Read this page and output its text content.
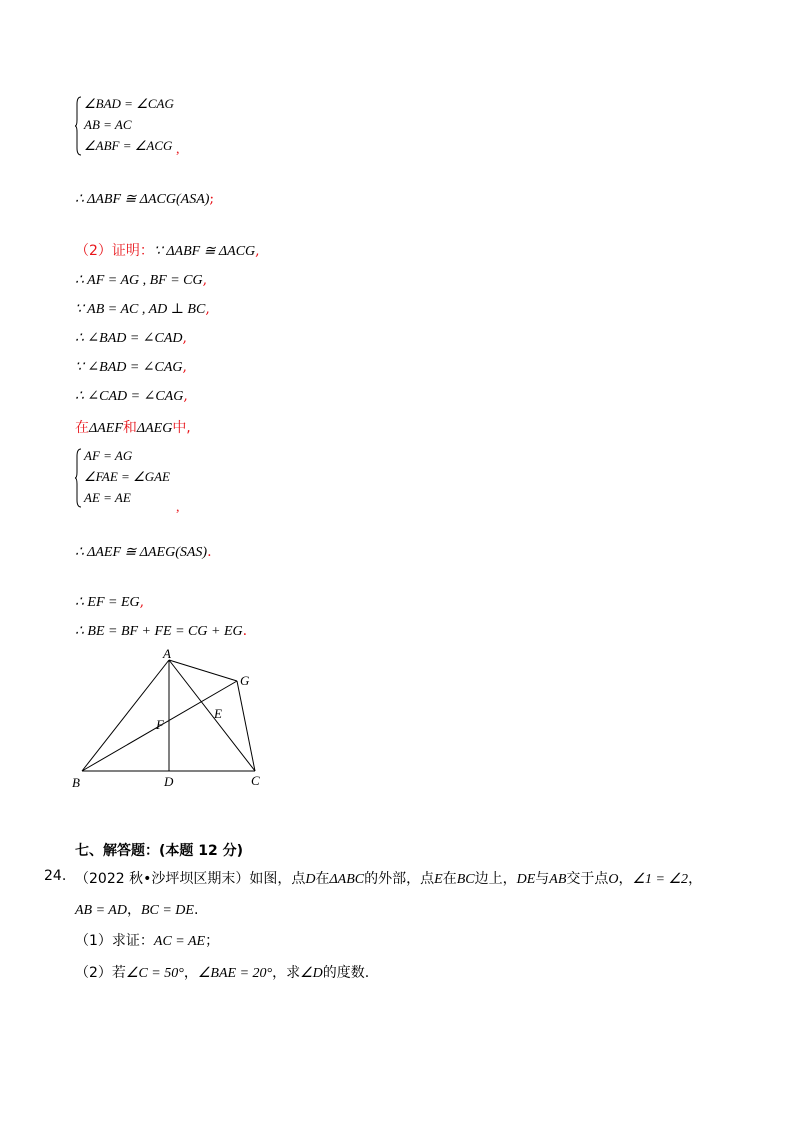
∠BAD = ∠CAG
AB = AC
∠ABF = ∠ACG ,
∴ ΔABF ≅ ΔACG(ASA);
（2）证明：∵ ΔABF ≅ ΔACG,
∴ AF = AG , BF = CG,
∵ AB = AC , AD ⊥ BC,
∴ ∠BAD = ∠CAD,
∵ ∠BAD = ∠CAG,
∴ ∠CAD = ∠CAG,
在ΔAEF和ΔAEG中,
AF = AG
∠FAE = ∠GAE
AE = AE
,
∴ ΔAEF ≅ ΔAEG(SAS).
∴ EF = EG,
∴ BE = BF + FE = CG + EG.
A
B	C
D
E
F
G
七、解答题：(本题 12 分)
24. （2022 秋•沙坪坝区期末）如图，点D在ΔABC的外部，点E在BC边上，DE与AB交于点O，∠1 = ∠2，
AB = AD，BC = DE.
（1）求证：AC = AE；
（2）若∠C = 50°，∠BAE = 20°，求∠D的度数.
